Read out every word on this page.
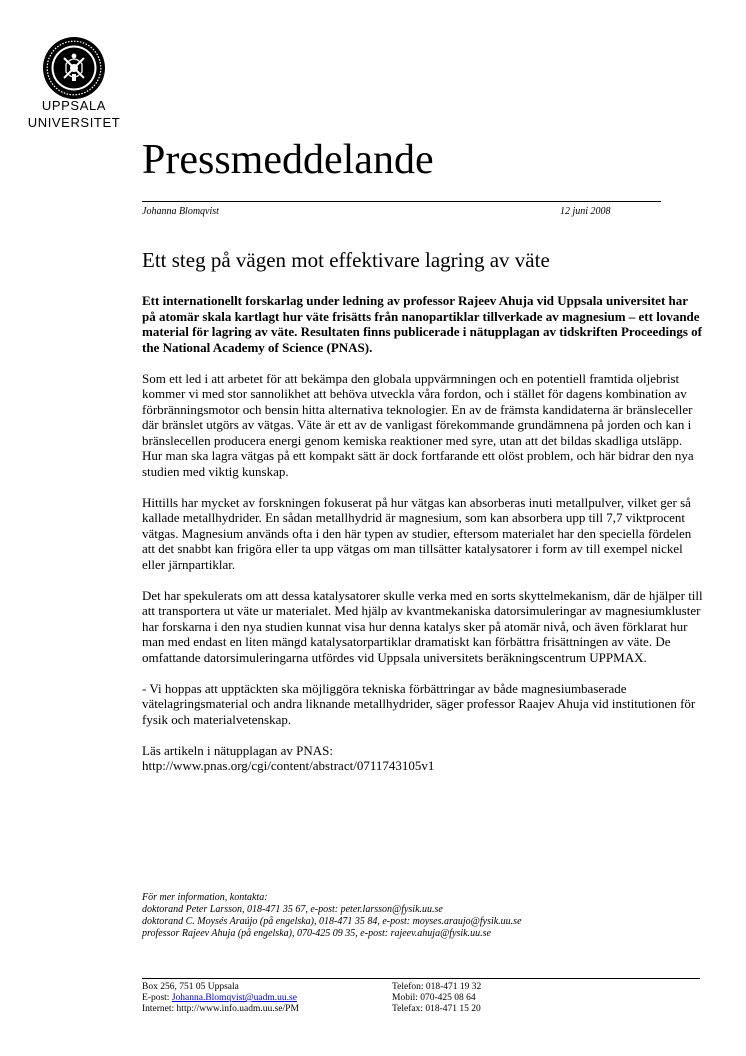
UPPSALA
UNIVERSITET
Pressmeddelande
Johanna Blomqvist	12 juni 2008
Ett steg på vägen mot effektivare lagring av väte

Ett internationellt forskarlag under ledning av professor Rajeev Ahuja vid Uppsala universitet har på atomär skala kartlagt hur väte frisätts från nanopartiklar tillverkade av magnesium – ett lovande material för lagring av väte. Resultaten finns publicerade i nätupplagan av tidskriften Proceedings of the National Academy of Science (PNAS).

Som ett led i att arbetet för att bekämpa den globala uppvärmningen och en potentiell framtida oljebrist kommer vi med stor sannolikhet att behöva utveckla våra fordon, och i stället för dagens kombination av förbränningsmotor och bensin hitta alternativa teknologier. En av de främsta kandidaterna är bränsleceller där bränslet utgörs av vätgas. Väte är ett av de vanligast förekommande grundämnena på jorden och kan i bränslecellen producera energi genom kemiska reaktioner med syre, utan att det bildas skadliga utsläpp. Hur man ska lagra vätgas på ett kompakt sätt är dock fortfarande ett olöst problem, och här bidrar den nya studien med viktig kunskap.

Hittills har mycket av forskningen fokuserat på hur vätgas kan absorberas inuti metallpulver, vilket ger så kallade metallhydrider. En sådan metallhydrid är magnesium, som kan absorbera upp till 7,7 viktprocent vätgas. Magnesium används ofta i den här typen av studier, eftersom materialet har den speciella fördelen att det snabbt kan frigöra eller ta upp vätgas om man tillsätter katalysatorer i form av till exempel nickel eller järnpartiklar.

Det har spekulerats om att dessa katalysatorer skulle verka med en sorts skyttelmekanism, där de hjälper till att transportera ut väte ur materialet. Med hjälp av kvantmekaniska datorsimuleringar av magnesiumkluster har forskarna i den nya studien kunnat visa hur denna katalys sker på atomär nivå, och även förklarat hur man med endast en liten mängd katalysatorpartiklar dramatiskt kan förbättra frisättningen av väte. De omfattande datorsimuleringarna utfördes vid Uppsala universitets beräkningscentrum UPPMAX.

- Vi hoppas att upptäckten ska möjliggöra tekniska förbättringar av både magnesiumbaserade vätelagringsmaterial och andra liknande metallhydrider, säger professor Raajev Ahuja vid institutionen för fysik och materialvetenskap.

Läs artikeln i nätupplagan av PNAS:
http://www.pnas.org/cgi/content/abstract/0711743105v1

För mer information, kontakta:
doktorand Peter Larsson, 018-471 35 67, e-post: peter.larsson@fysik.uu.se
doktorand C. Moysés Araújo (på engelska), 018-471 35 84, e-post: moyses.araujo@fysik.uu.se
professor Rajeev Ahuja (på engelska), 070-425 09 35, e-post: rajeev.ahuja@fysik.uu.se
Box 256, 751 05 Uppsala
E-post: Johanna.Blomqvist@uadm.uu.se
Internet: http://www.info.uadm.uu.se/PM
Telefon: 018-471 19 32
Mobil: 070-425 08 64
Telefax: 018-471 15 20
